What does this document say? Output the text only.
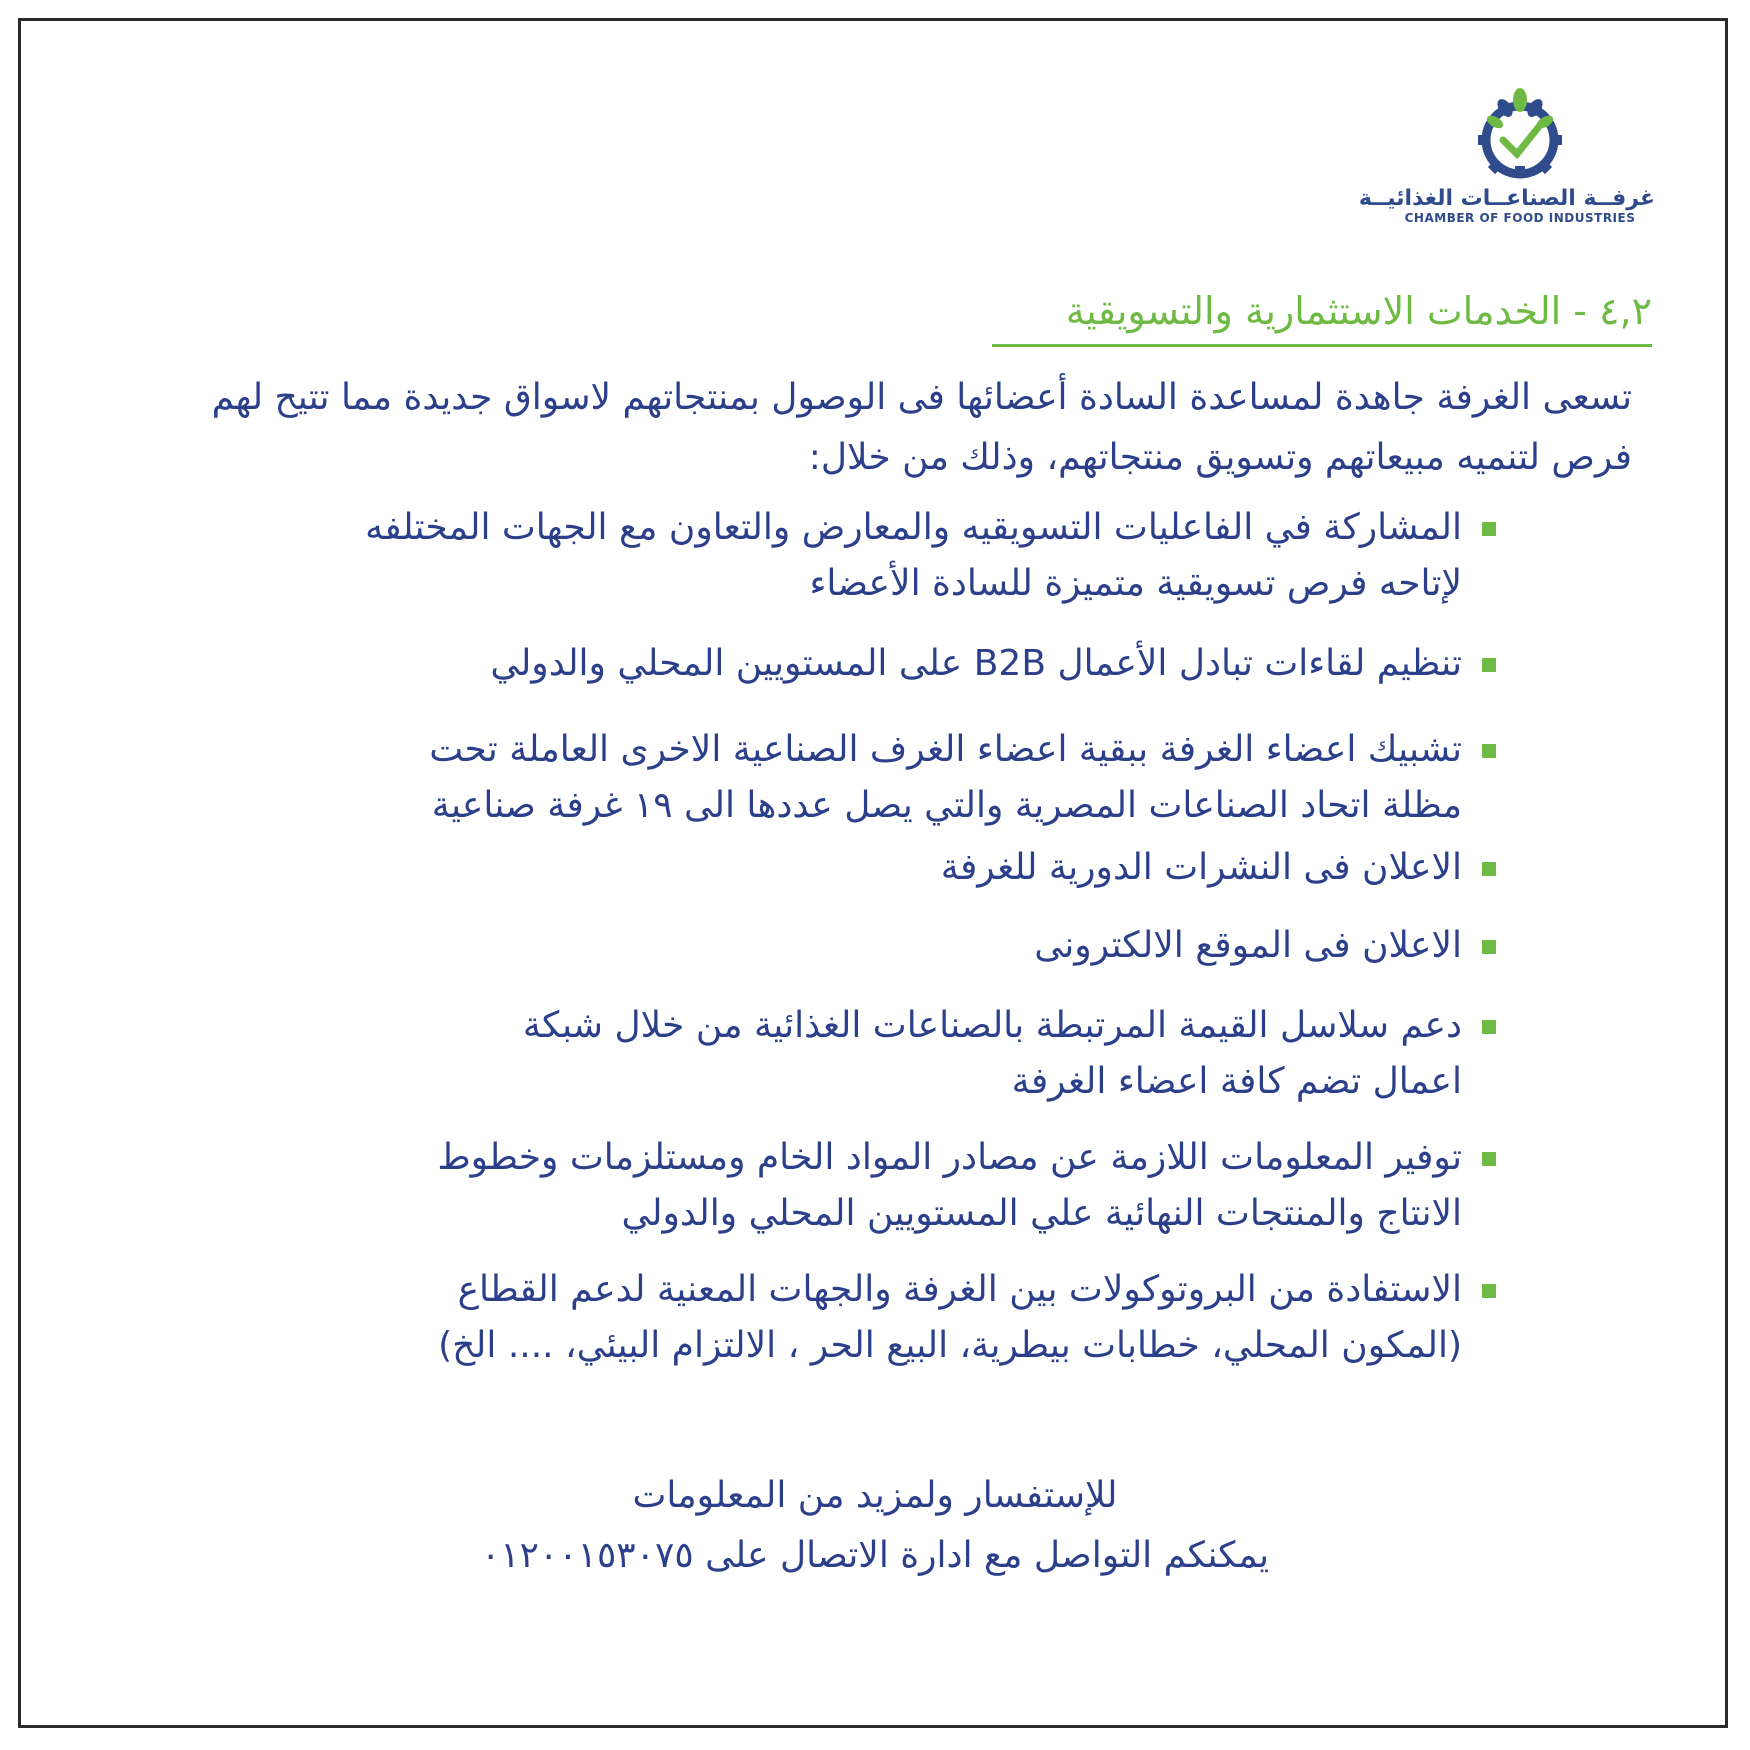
غرفــة الصناعــات الغذائيــة
CHAMBER OF FOOD INDUSTRIES
٤,٢ - الخدمات الاستثمارية والتسويقية
تسعى الغرفة جاهدة لمساعدة السادة أعضائها فى الوصول بمنتجاتهم لاسواق جديدة مما تتيح لهم
فرص لتنميه مبيعاتهم وتسويق منتجاتهم، وذلك من خلال:
المشاركة في الفاعليات التسويقيه والمعارض والتعاون مع الجهات المختلفه
لإتاحه فرص تسويقية متميزة للسادة الأعضاء
تنظيم لقاءات تبادل الأعمال B2B على المستويين المحلي والدولي
تشبيك اعضاء الغرفة ببقية اعضاء الغرف الصناعية الاخرى العاملة تحت
مظلة اتحاد الصناعات المصرية والتي يصل عددها الى ١٩ غرفة صناعية
الاعلان فى النشرات الدورية للغرفة
الاعلان فى الموقع الالكترونى
دعم سلاسل القيمة المرتبطة بالصناعات الغذائية من خلال شبكة
اعمال تضم كافة اعضاء الغرفة
توفير المعلومات اللازمة عن مصادر المواد الخام ومستلزمات وخطوط
الانتاج والمنتجات النهائية علي المستويين المحلي والدولي
الاستفادة من البروتوكولات بين الغرفة والجهات المعنية لدعم القطاع
(المكون المحلي، خطابات بيطرية، البيع الحر ، الالتزام البيئي، .... الخ)
للإستفسار ولمزيد من المعلومات
يمكنكم التواصل مع ادارة الاتصال على ٠١٢٠٠١٥٣٠٧٥
